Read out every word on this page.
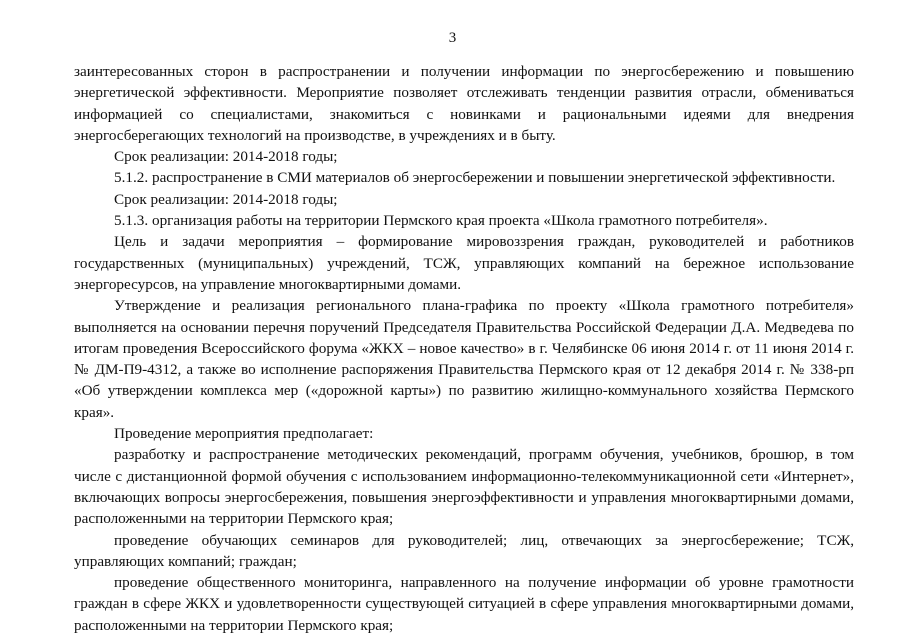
3

заинтересованных сторон в распространении и получении информации по энергосбережению и повышению энергетической эффективности. Мероприятие позволяет отслеживать тенденции развития отрасли, обмениваться информацией со специалистами, знакомиться с новинками и рациональными идеями для внедрения энергосберегающих технологий на производстве, в учреждениях и в быту.

Срок реализации: 2014-2018 годы;

5.1.2. распространение в СМИ материалов об энергосбережении и повышении энергетической эффективности.

Срок реализации: 2014-2018 годы;

5.1.3. организация работы на территории Пермского края проекта «Школа грамотного потребителя».

Цель и задачи мероприятия – формирование мировоззрения граждан, руководителей и работников государственных (муниципальных) учреждений, ТСЖ, управляющих компаний на бережное использование энергоресурсов, на управление многоквартирными домами.

Утверждение и реализация регионального плана-графика по проекту «Школа грамотного потребителя» выполняется на основании перечня поручений Председателя Правительства Российской Федерации Д.А. Медведева по итогам проведения Всероссийского форума «ЖКХ – новое качество» в г. Челябинске 06 июня 2014 г. от 11 июня 2014 г. № ДМ-П9-4312, а также во исполнение распоряжения Правительства Пермского края от 12 декабря 2014 г. № 338-рп «Об утверждении комплекса мер («дорожной карты») по развитию жилищно-коммунального хозяйства Пермского края».

Проведение мероприятия предполагает:

разработку и распространение методических рекомендаций, программ обучения, учебников, брошюр, в том числе с дистанционной формой обучения с использованием информационно-телекоммуникационной сети «Интернет», включающих вопросы энергосбережения, повышения энергоэффективности и управления многоквартирными домами, расположенными на территории Пермского края;

проведение обучающих семинаров для руководителей; лиц, отвечающих за энергосбережение; ТСЖ, управляющих компаний; граждан;

проведение общественного мониторинга, направленного на получение информации об уровне грамотности граждан в сфере ЖКХ и удовлетворенности существующей ситуацией в сфере управления многоквартирными домами, расположенными на территории Пермского края;
